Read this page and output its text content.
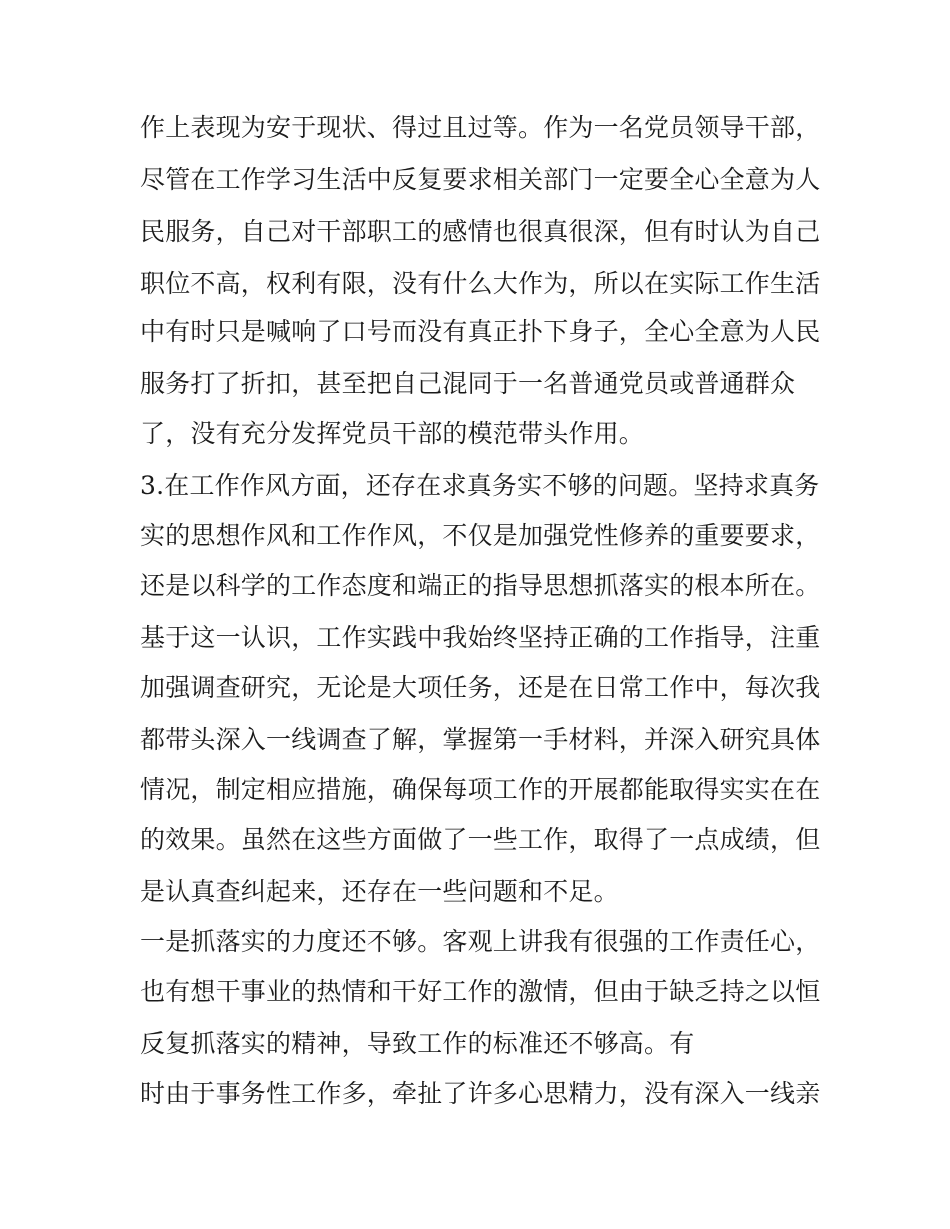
作上表现为安于现状、得过且过等。作为一名党员领导干部，
尽管在工作学习生活中反复要求相关部门一定要全心全意为人
民服务，自己对干部职工的感情也很真很深，但有时认为自己
职位不高，权利有限，没有什么大作为，所以在实际工作生活
中有时只是喊响了口号而没有真正扑下身子，全心全意为人民
服务打了折扣，甚至把自己混同于一名普通党员或普通群众
了，没有充分发挥党员干部的模范带头作用。
3.在工作作风方面，还存在求真务实不够的问题。坚持求真务
实的思想作风和工作作风，不仅是加强党性修养的重要要求，
还是以科学的工作态度和端正的指导思想抓落实的根本所在。
基于这一认识，工作实践中我始终坚持正确的工作指导，注重
加强调查研究，无论是大项任务，还是在日常工作中，每次我
都带头深入一线调查了解，掌握第一手材料，并深入研究具体
情况，制定相应措施，确保每项工作的开展都能取得实实在在
的效果。虽然在这些方面做了一些工作，取得了一点成绩，但
是认真查纠起来，还存在一些问题和不足。
一是抓落实的力度还不够。客观上讲我有很强的工作责任心，
也有想干事业的热情和干好工作的激情，但由于缺乏持之以恒
反复抓落实的精神，导致工作的标准还不够高。有
时由于事务性工作多，牵扯了许多心思精力，没有深入一线亲
